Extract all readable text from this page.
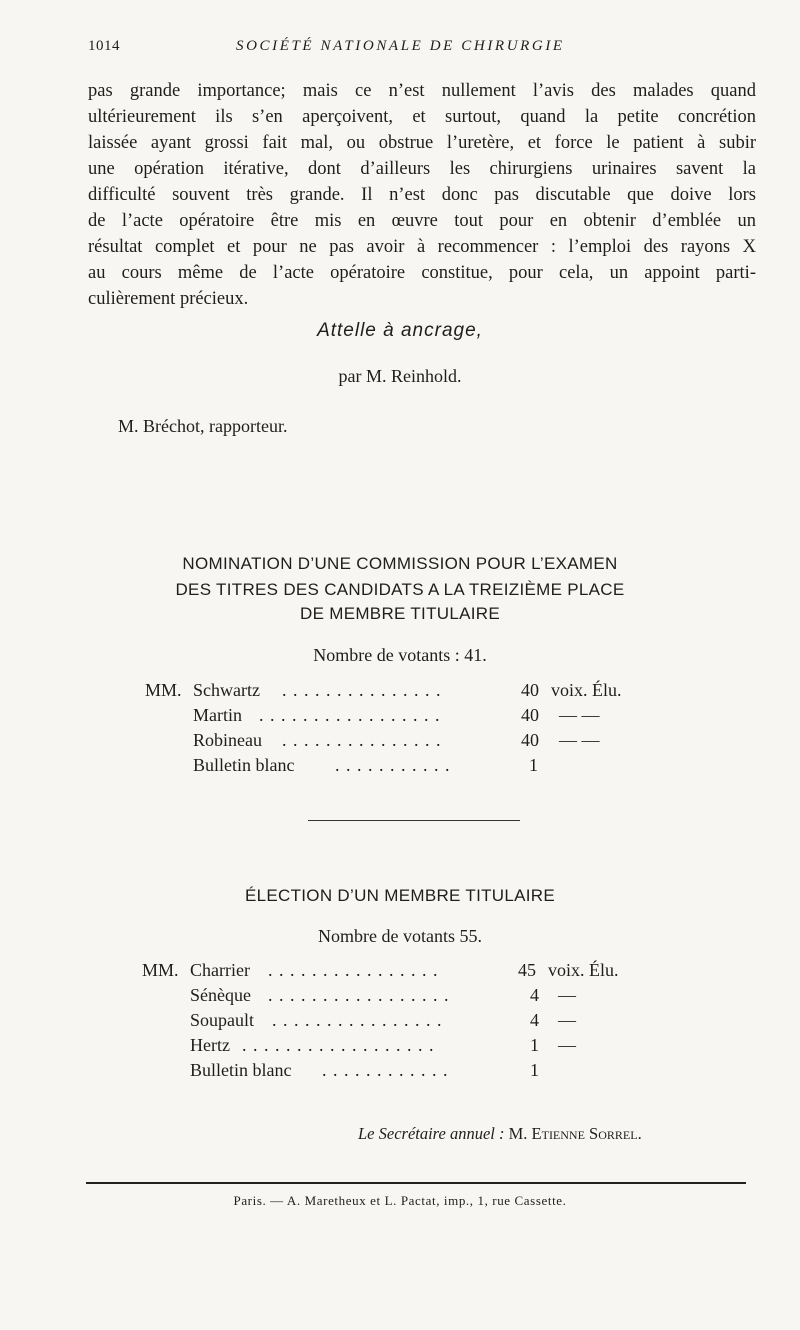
1014	SOCIÉTÉ NATIONALE DE CHIRURGIE
pas grande importance; mais ce n’est nullement l’avis des malades quand
ultérieurement ils s’en aperçoivent, et surtout, quand la petite concrétion
laissée ayant grossi fait mal, ou obstrue l’uretère, et force le patient à subir
une opération itérative, dont d’ailleurs les chirurgiens urinaires savent la
difficulté souvent très grande. Il n’est donc pas discutable que doive lors
de l’acte opératoire être mis en œuvre tout pour en obtenir d’emblée un
résultat complet et pour ne pas avoir à recommencer : l’emploi des rayons X
au cours même de l’acte opératoire constitue, pour cela, un appoint parti-
culièrement précieux.
Attelle à ancrage,
par M. Reinhold.
M. Bréchot, rapporteur.
NOMINATION D’UNE COMMISSION POUR L’EXAMEN
DES TITRES DES CANDIDATS A LA TREIZIÈME PLACE
DE MEMBRE TITULAIRE
Nombre de votants : 41.
MM. Schwartz . . . . . . . . . . . . . . .	40 voix. Élu.
Martin . . . . . . . . . . . . . . . . .	40 — —
Robineau . . . . . . . . . . . . . . .	40 — —
Bulletin blanc . . . . . . . . . . .	1
ÉLECTION D’UN MEMBRE TITULAIRE
Nombre de votants 55.
MM. Charrier . . . . . . . . . . . . . . . .	45 voix. Élu.
Sénèque . . . . . . . . . . . . . . . . .	4 —
Soupault . . . . . . . . . . . . . . . .	4 —
Hertz . . . . . . . . . . . . . . . . . .	1 —
Bulletin blanc . . . . . . . . . . . .	1
Le Secrétaire annuel : M. Etienne Sorrel.
Paris. — A. Maretheux et L. Pactat, imp., 1, rue Cassette.
